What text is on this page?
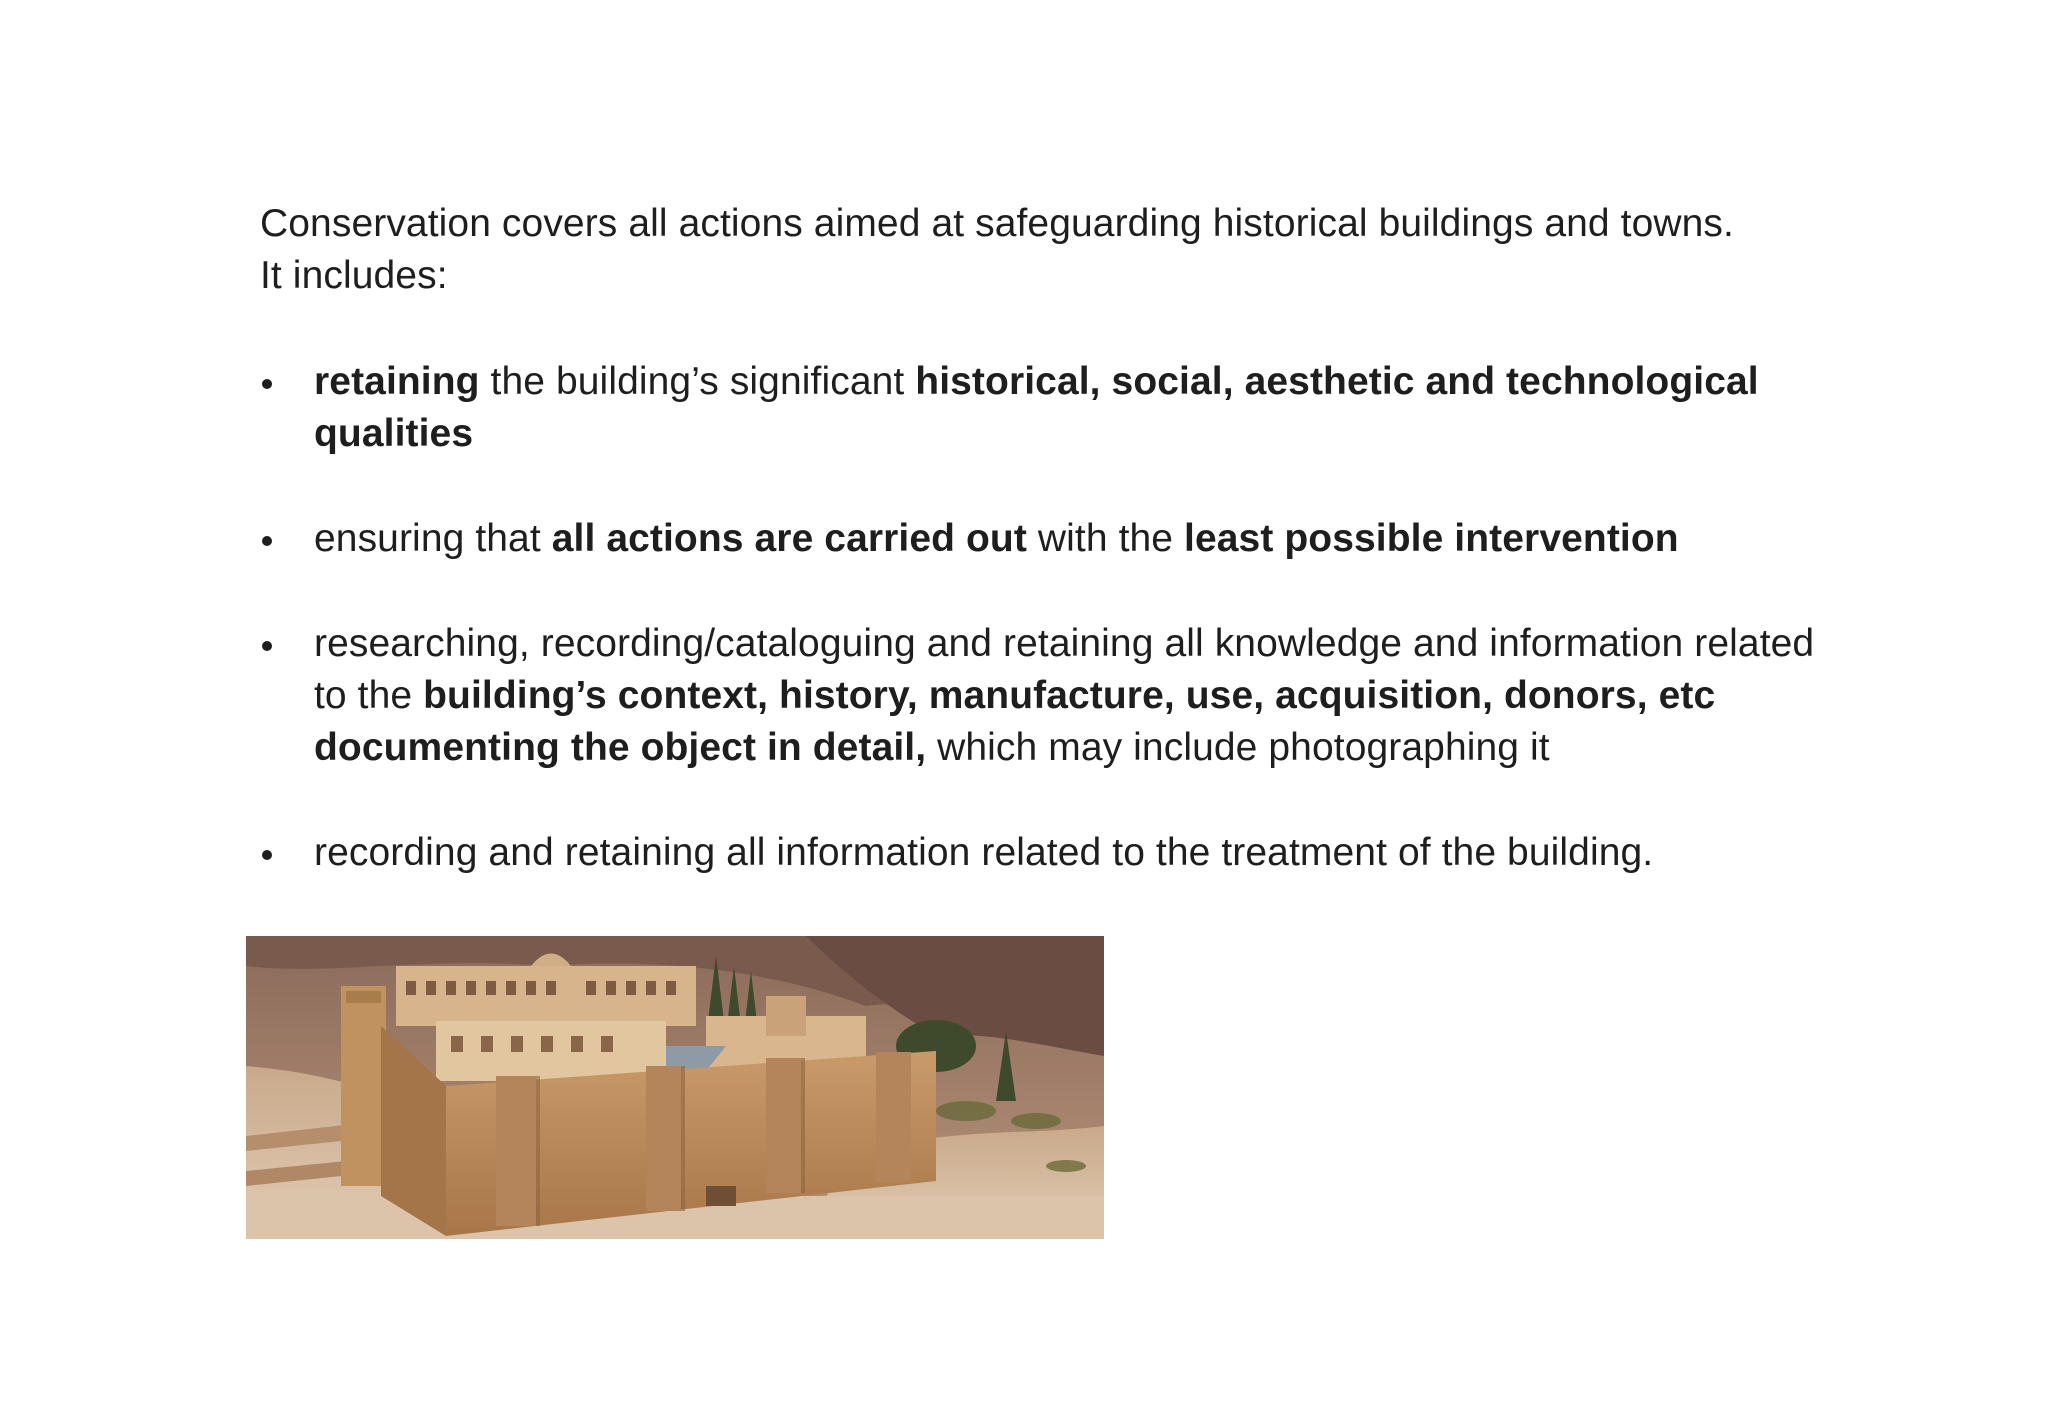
Conservation covers all actions aimed at safeguarding historical buildings and towns.
It includes:

retaining the building’s significant historical, social, aesthetic and technological qualities
ensuring that all actions are carried out with the least possible intervention
researching, recording/cataloguing and retaining all knowledge and information related to the building’s context, history, manufacture, use, acquisition, donors, etc documenting the object in detail, which may include photographing it
recording and retaining all information related to the treatment of the building.
